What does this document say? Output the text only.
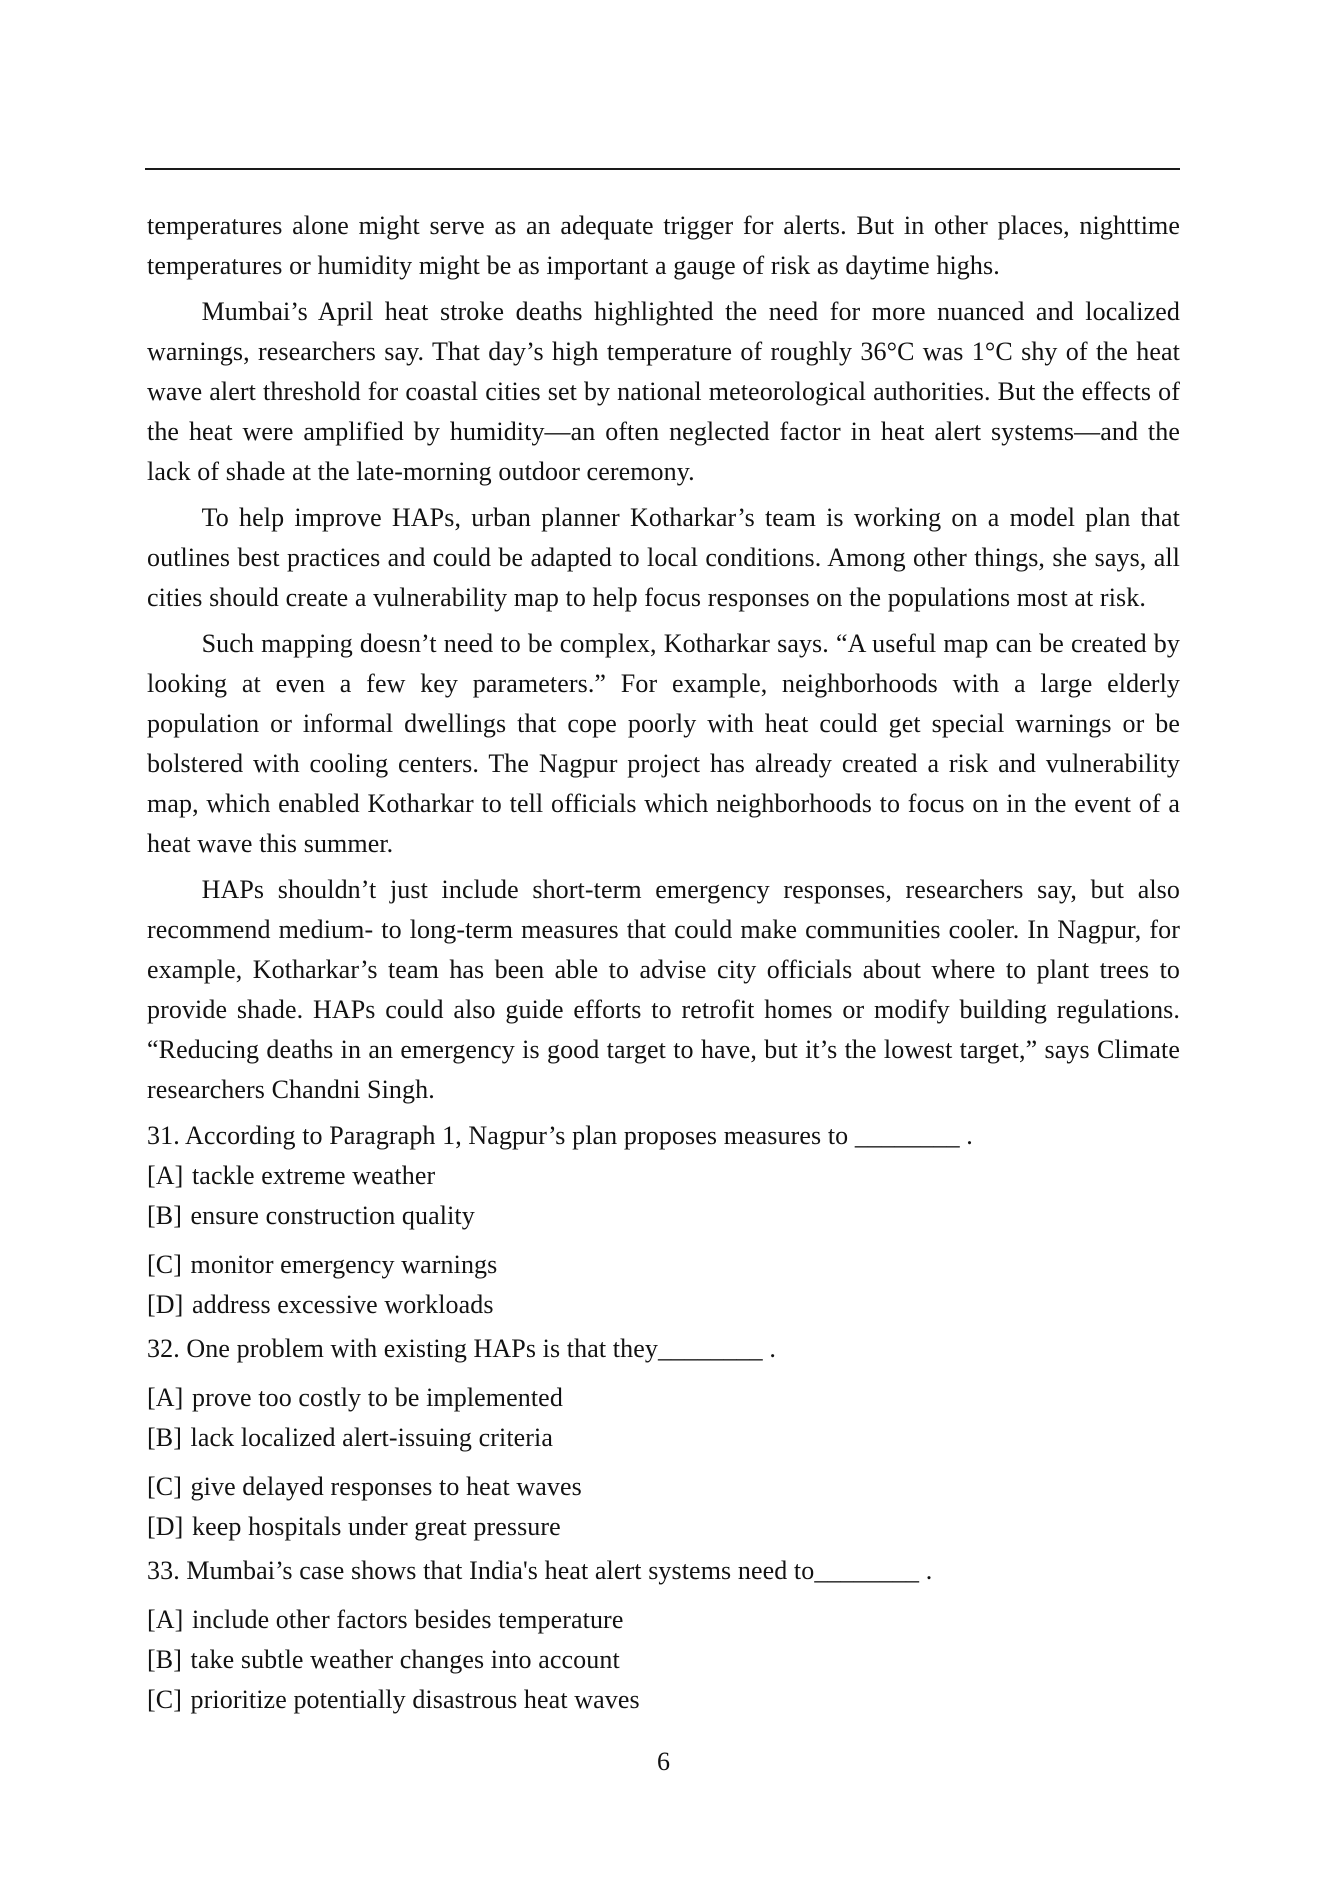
temperatures alone might serve as an adequate trigger for alerts. But in other places, nighttime temperatures or humidity might be as important a gauge of risk as daytime highs.

Mumbai’s April heat stroke deaths highlighted the need for more nuanced and localized warnings, researchers say. That day’s high temperature of roughly 36°C was 1°C shy of the heat wave alert threshold for coastal cities set by national meteorological authorities. But the effects of the heat were amplified by humidity—an often neglected factor in heat alert systems—and the lack of shade at the late-morning outdoor ceremony.

To help improve HAPs, urban planner Kotharkar’s team is working on a model plan that outlines best practices and could be adapted to local conditions. Among other things, she says, all cities should create a vulnerability map to help focus responses on the populations most at risk.

Such mapping doesn’t need to be complex, Kotharkar says. “A useful map can be created by looking at even a few key parameters.” For example, neighborhoods with a large elderly population or informal dwellings that cope poorly with heat could get special warnings or be bolstered with cooling centers. The Nagpur project has already created a risk and vulnerability map, which enabled Kotharkar to tell officials which neighborhoods to focus on in the event of a heat wave this summer.

HAPs shouldn’t just include short-term emergency responses, researchers say, but also recommend medium- to long-term measures that could make communities cooler. In Nagpur, for example, Kotharkar’s team has been able to advise city officials about where to plant trees to provide shade. HAPs could also guide efforts to retrofit homes or modify building regulations. “Reducing deaths in an emergency is good target to have, but it’s the lowest target,” says Climate researchers Chandni Singh.

31. According to Paragraph 1, Nagpur’s plan proposes measures to ________ .

[A] tackle extreme weather

[B] ensure construction quality

[C] monitor emergency warnings

[D] address excessive workloads

32. One problem with existing HAPs is that they________ .

[A] prove too costly to be implemented

[B] lack localized alert-issuing criteria

[C] give delayed responses to heat waves

[D] keep hospitals under great pressure

33. Mumbai’s case shows that India's heat alert systems need to________ .

[A] include other factors besides temperature

[B] take subtle weather changes into account

[C] prioritize potentially disastrous heat waves

6
